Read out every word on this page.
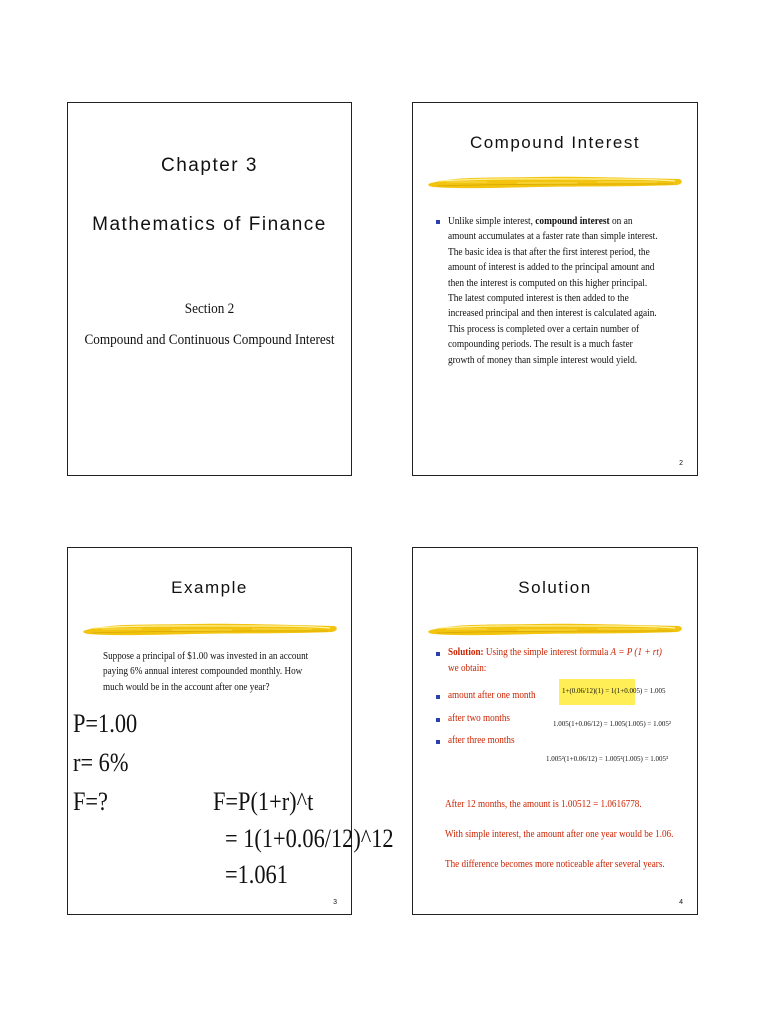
Chapter 3
Mathematics of Finance
Section 2
Compound and Continuous Compound Interest
Compound Interest
Unlike simple interest, compound interest on an amount accumulates at a faster rate than simple interest. The basic idea is that after the first interest period, the amount of interest is added to the principal amount and then the interest is computed on this higher principal. The latest computed interest is then added to the increased principal and then interest is calculated again. This process is completed over a certain number of compounding periods. The result is a much faster growth of money than simple interest would yield.
2
Example
Suppose a principal of $1.00 was invested in an account paying 6% annual interest compounded monthly. How much would be in the account after one year?
P=1.00
r= 6%
F=?	F=P(1+r)^t
= 1(1+0.06/12)^12
=1.061
3
Solution
Solution: Using the simple interest formula A = P (1 + rt)
we obtain:
amount after one month
after two months
after three months
1+(0.06/12)(1) = 1(1+0.005) = 1.005
1.005(1+0.06/12) = 1.005(1.005) = 1.005²
1.005²(1+0.06/12) = 1.005²(1.005) = 1.005³
After 12 months, the amount is 1.00512 = 1.0616778.
With simple interest, the amount after one year would be 1.06.
The difference becomes more noticeable after several years.
4
